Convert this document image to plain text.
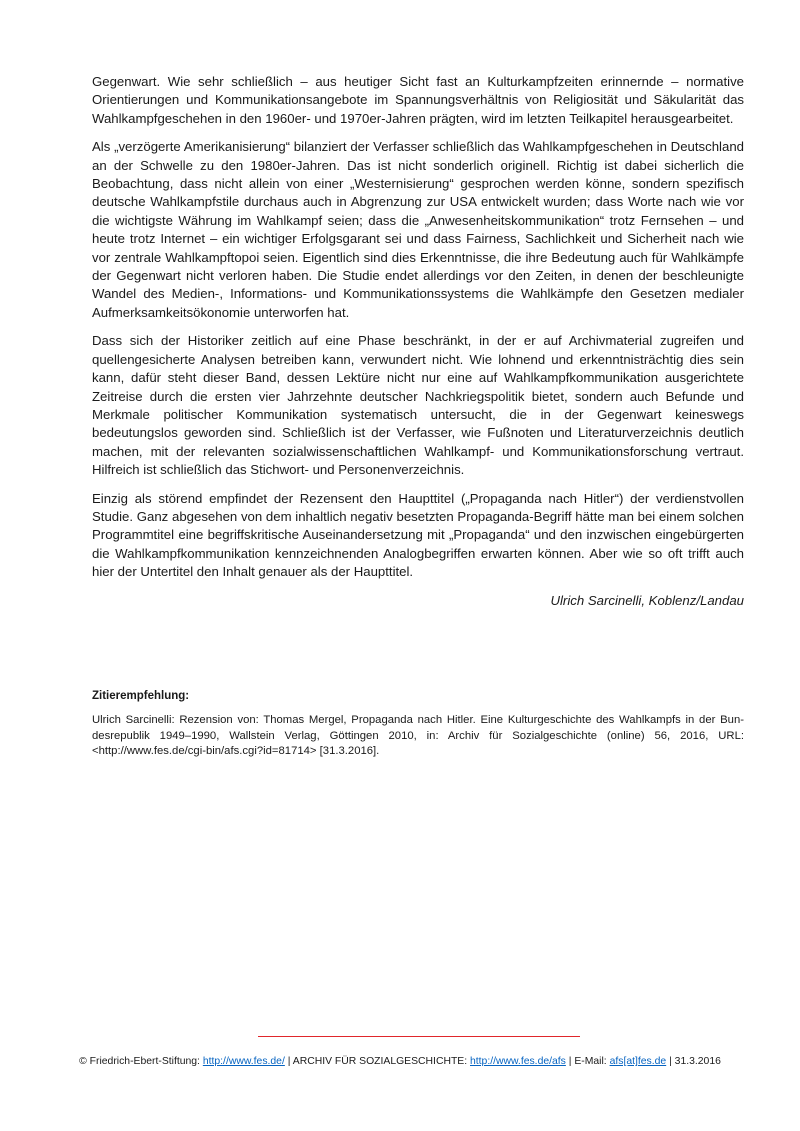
Gegenwart. Wie sehr schließlich – aus heutiger Sicht fast an Kulturkampfzeiten erinnernde – normative Orientierungen und Kommunikationsangebote im Spannungsverhältnis von Religiosität und Säkularität das Wahlkampfgeschehen in den 1960er- und 1970er-Jahren prägten, wird im letzten Teilkapitel herausgearbeitet.

Als „verzögerte Amerikanisierung“ bilanziert der Verfasser schließlich das Wahlkampfgeschehen in Deutschland an der Schwelle zu den 1980er-Jahren. Das ist nicht sonderlich originell. Richtig ist dabei sicherlich die Beobachtung, dass nicht allein von einer „Westernisierung“ gesprochen werden könne, sondern spezifisch deutsche Wahlkampfstile durchaus auch in Abgrenzung zur USA entwickelt wurden; dass Worte nach wie vor die wichtigste Währung im Wahlkampf seien; dass die „Anwesenheitskommunikation“ trotz Fernsehen – und heute trotz Internet – ein wichtiger Erfolgsgarant sei und dass Fairness, Sachlichkeit und Sicherheit nach wie vor zentrale Wahlkampftopoi seien. Eigentlich sind dies Erkenntnisse, die ihre Bedeutung auch für Wahlkämpfe der Gegenwart nicht verloren haben. Die Studie endet allerdings vor den Zeiten, in denen der beschleunigte Wandel des Medien-, Informations- und Kommunikationssystems die Wahlkämpfe den Gesetzen medialer Aufmerksamkeitsökonomie unterworfen hat.

Dass sich der Historiker zeitlich auf eine Phase beschränkt, in der er auf Archivmaterial zugreifen und quellengesicherte Analysen betreiben kann, verwundert nicht. Wie lohnend und erkenntnisträchtig dies sein kann, dafür steht dieser Band, dessen Lektüre nicht nur eine auf Wahlkampfkommunikation ausgerichtete Zeitreise durch die ersten vier Jahrzehnte deutscher Nachkriegspolitik bietet, sondern auch Befunde und Merkmale politischer Kommunikation systematisch untersucht, die in der Gegenwart keineswegs bedeutungslos geworden sind. Schließlich ist der Verfasser, wie Fußnoten und Literaturverzeichnis deutlich machen, mit der relevanten sozialwissenschaftlichen Wahlkampf- und Kommunikationsforschung vertraut. Hilfreich ist schließlich das Stichwort- und Personenverzeichnis.

Einzig als störend empfindet der Rezensent den Haupttitel („Propaganda nach Hitler“) der verdienstvollen Studie. Ganz abgesehen von dem inhaltlich negativ besetzten Propaganda-Begriff hätte man bei einem solchen Programmtitel eine begriffskritische Auseinandersetzung mit „Propaganda“ und den inzwischen eingebürgerten die Wahlkampfkommunikation kennzeichnenden Analogbegriffen erwarten können. Aber wie so oft trifft auch hier der Untertitel den Inhalt genauer als der Haupttitel.

Ulrich Sarcinelli, Koblenz/Landau

Zitierempfehlung:

Ulrich Sarcinelli: Rezension von: Thomas Mergel, Propaganda nach Hitler. Eine Kulturgeschichte des Wahlkampfs in der Bundesrepublik 1949–1990, Wallstein Verlag, Göttingen 2010, in: Archiv für Sozialgeschichte (online) 56, 2016, URL: <http://www.fes.de/cgi-bin/afs.cgi?id=81714> [31.3.2016].

© Friedrich-Ebert-Stiftung: http://www.fes.de/ | ARCHIV FÜR SOZIALGESCHICHTE: http://www.fes.de/afs | E-Mail: afs[at]fes.de | 31.3.2016
